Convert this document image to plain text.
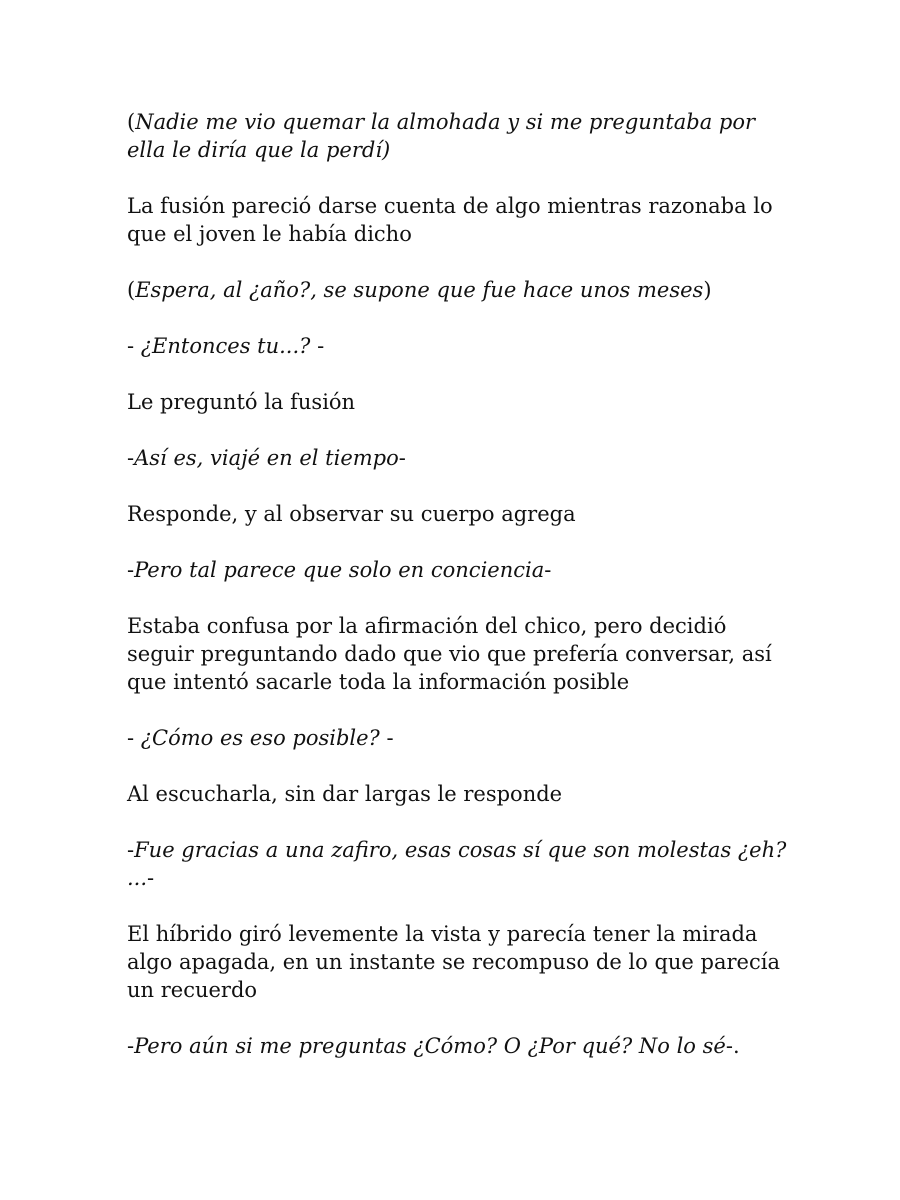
(Nadie me vio quemar la almohada y si me preguntaba por ella le diría que la perdí)

La fusión pareció darse cuenta de algo mientras razonaba lo que el joven le había dicho

(Espera, al ¿año?, se supone que fue hace unos meses)

- ¿Entonces tu...? -

Le preguntó la fusión

-Así es, viajé en el tiempo-

Responde, y al observar su cuerpo agrega

-Pero tal parece que solo en conciencia-

Estaba confusa por la afirmación del chico, pero decidió seguir preguntando dado que vio que prefería conversar, así que intentó sacarle toda la información posible

- ¿Cómo es eso posible? -

Al escucharla, sin dar largas le responde

-Fue gracias a una zafiro, esas cosas sí que son molestas ¿eh? ...-

El híbrido giró levemente la vista y parecía tener la mirada algo apagada, en un instante se recompuso de lo que parecía un recuerdo

-Pero aún si me preguntas ¿Cómo? O ¿Por qué? No lo sé-.
